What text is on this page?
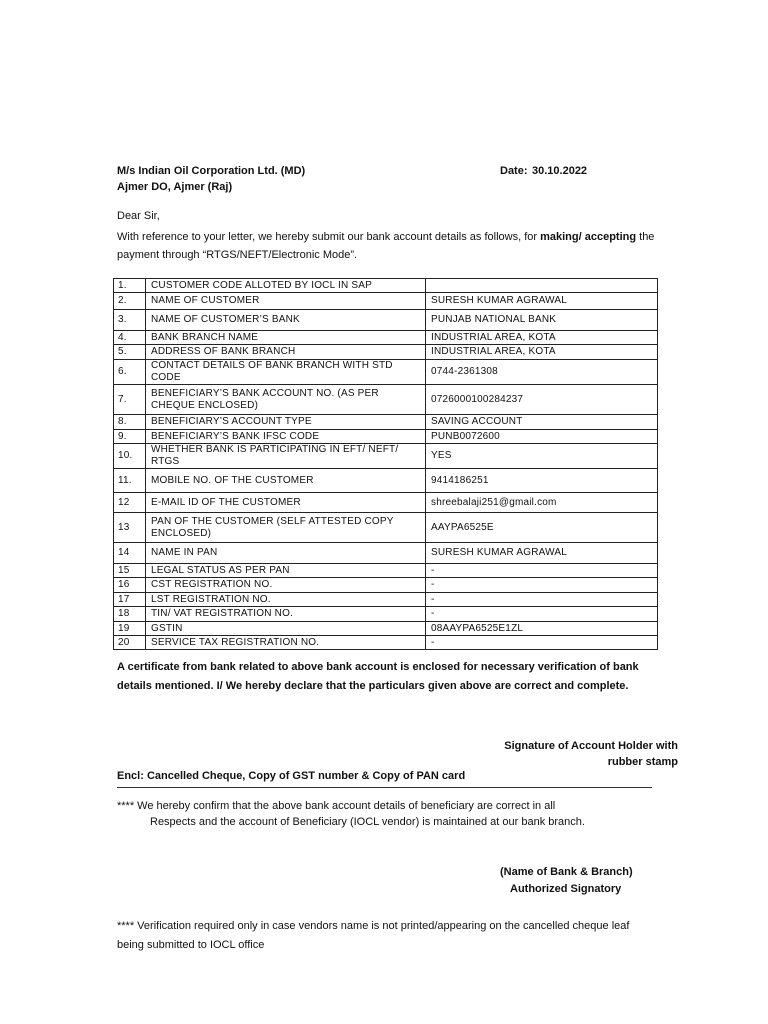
M/s Indian Oil Corporation Ltd. (MD)
Ajmer DO, Ajmer (Raj)
Date: 30.10.2022
Dear Sir,
With reference to your letter, we hereby submit our bank account details as follows, for making/ accepting the payment through “RTGS/NEFT/Electronic Mode”.
1.	CUSTOMER CODE ALLOTED BY IOCL IN SAP	
2.	NAME OF CUSTOMER	SURESH KUMAR AGRAWAL
3.	NAME OF CUSTOMER’S BANK	PUNJAB NATIONAL BANK
4.	BANK BRANCH NAME	INDUSTRIAL AREA, KOTA
5.	ADDRESS OF BANK BRANCH	INDUSTRIAL AREA, KOTA
6.	CONTACT DETAILS OF BANK BRANCH WITH STD CODE	0744-2361308
7.	BENEFICIARY’S BANK ACCOUNT NO. (AS PER CHEQUE ENCLOSED)	0726000100284237
8.	BENEFICIARY’S ACCOUNT TYPE	SAVING ACCOUNT
9.	BENEFICIARY’S BANK IFSC CODE	PUNB0072600
10.	WHETHER BANK IS PARTICIPATING IN EFT/ NEFT/ RTGS	YES
11.	MOBILE NO. OF THE CUSTOMER	9414186251
12	E-MAIL ID OF THE CUSTOMER	shreebalaji251@gmail.com
13	PAN OF THE CUSTOMER (SELF ATTESTED COPY ENCLOSED)	AAYPA6525E
14	NAME IN PAN	SURESH KUMAR AGRAWAL
15	LEGAL STATUS AS PER PAN	-
16	CST REGISTRATION NO.	-
17	LST REGISTRATION NO.	-
18	TIN/ VAT REGISTRATION NO.	-
19	GSTIN	08AAYPA6525E1ZL
20	SERVICE TAX REGISTRATION NO.	-
A certificate from bank related to above bank account is enclosed for necessary verification of bank details mentioned. I/ We hereby declare that the particulars given above are correct and complete.
Signature of Account Holder with
rubber stamp
Encl: Cancelled Cheque, Copy of GST number & Copy of PAN card
**** We hereby confirm that the above bank account details of beneficiary are correct in all
Respects and the account of Beneficiary (IOCL vendor) is maintained at our bank branch.
(Name of Bank & Branch)
Authorized Signatory
**** Verification required only in case vendors name is not printed/appearing on the cancelled cheque leaf being submitted to IOCL office
